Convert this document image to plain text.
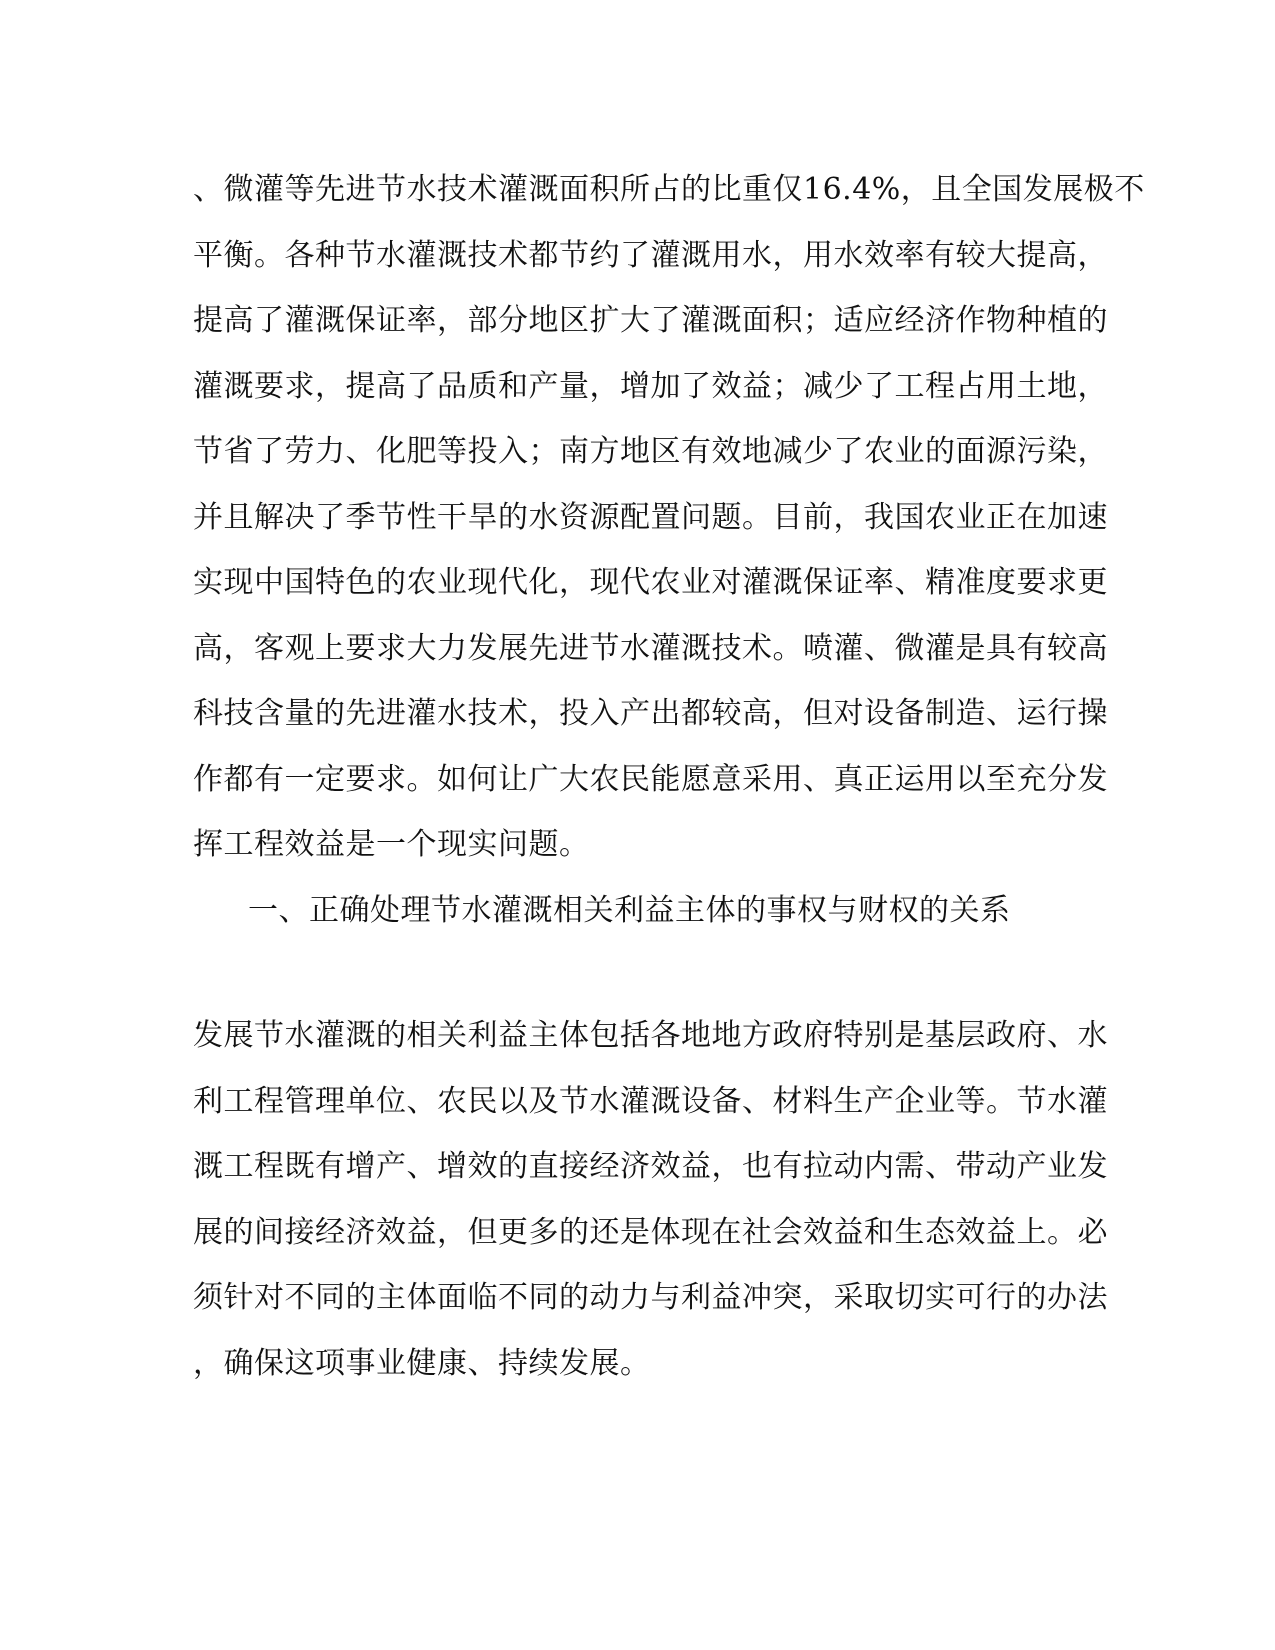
、微灌等先进节水技术灌溉面积所占的比重仅16.4%，且全国发展极不
平衡。各种节水灌溉技术都节约了灌溉用水，用水效率有较大提高，
提高了灌溉保证率，部分地区扩大了灌溉面积；适应经济作物种植的
灌溉要求，提高了品质和产量，增加了效益；减少了工程占用土地，
节省了劳力、化肥等投入；南方地区有效地减少了农业的面源污染，
并且解决了季节性干旱的水资源配置问题。目前，我国农业正在加速
实现中国特色的农业现代化，现代农业对灌溉保证率、精准度要求更
高，客观上要求大力发展先进节水灌溉技术。喷灌、微灌是具有较高
科技含量的先进灌水技术，投入产出都较高，但对设备制造、运行操
作都有一定要求。如何让广大农民能愿意采用、真正运用以至充分发
挥工程效益是一个现实问题。
一、正确处理节水灌溉相关利益主体的事权与财权的关系
发展节水灌溉的相关利益主体包括各地地方政府特别是基层政府、水
利工程管理单位、农民以及节水灌溉设备、材料生产企业等。节水灌
溉工程既有增产、增效的直接经济效益，也有拉动内需、带动产业发
展的间接经济效益，但更多的还是体现在社会效益和生态效益上。必
须针对不同的主体面临不同的动力与利益冲突，采取切实可行的办法
，确保这项事业健康、持续发展。
